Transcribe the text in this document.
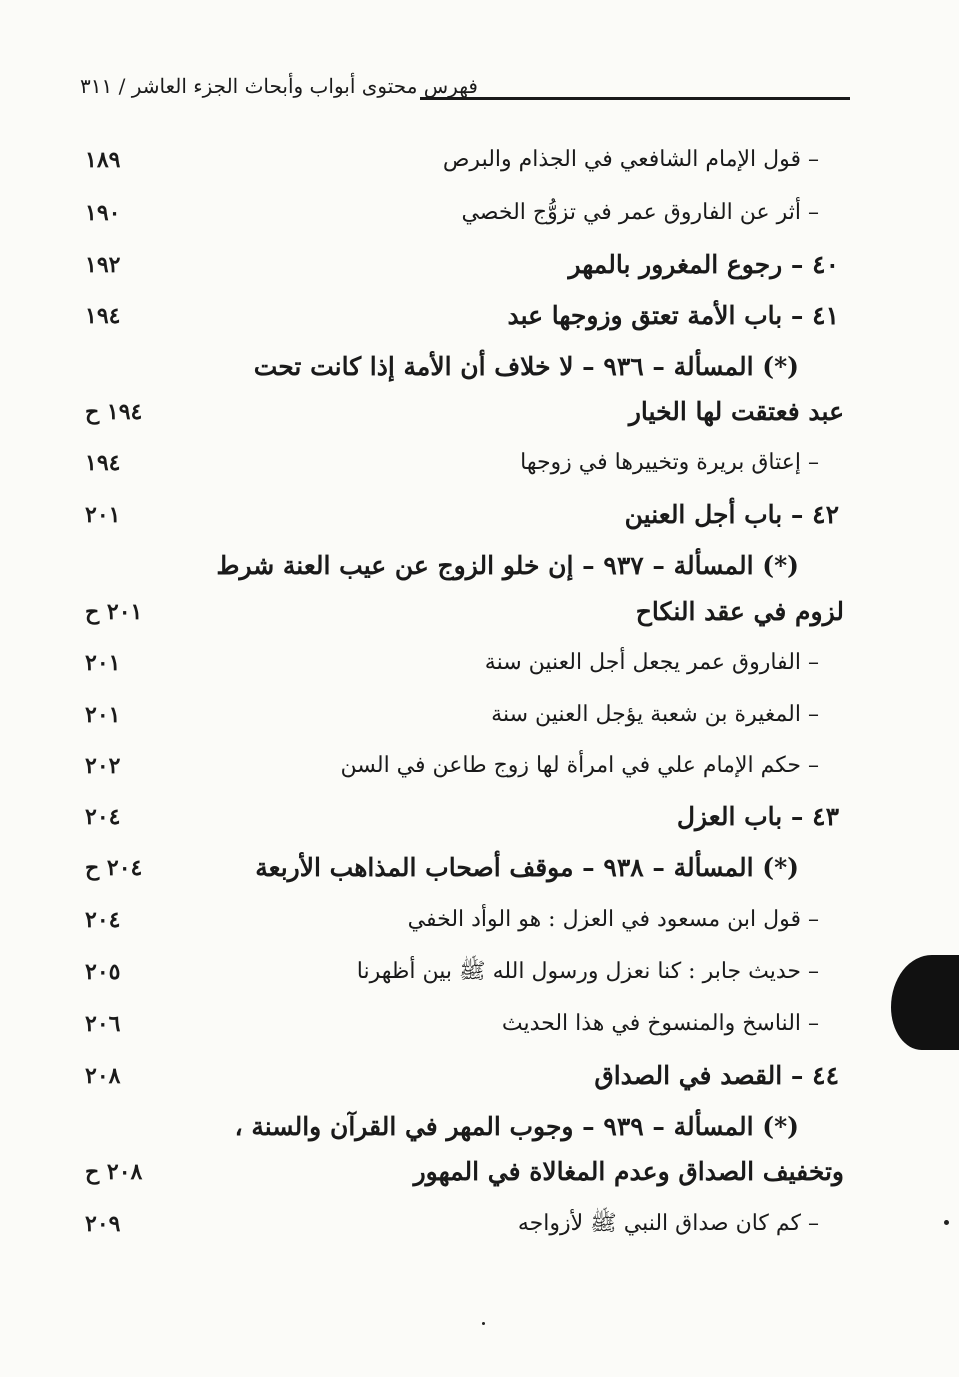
فهرس محتوى أبواب وأبحاث الجزء العاشر / ٣١١
– قول الإمام الشافعي في الجذام والبرص
١٨٩
– أثر عن الفاروق عمر في تزوُّج الخصي
١٩٠
٤٠ – رجوع المغرور بالمهر
١٩٢
٤١ – باب الأمة تعتق وزوجها عبد
١٩٤
(*) المسألة – ٩٣٦ – لا خلاف أن الأمة إذا كانت تحت
عبد فعتقت لها الخيار
١٩٤ ح
– إعتاق بريرة وتخييرها في زوجها
١٩٤
٤٢ – باب أجل العنين
٢٠١
(*) المسألة – ٩٣٧ – إن خلو الزوج عن عيب العنة شرط
لزوم في عقد النكاح
٢٠١ ح
– الفاروق عمر يجعل أجل العنين سنة
٢٠١
– المغيرة بن شعبة يؤجل العنين سنة
٢٠١
– حكم الإمام علي في امرأة لها زوج طاعن في السن
٢٠٢
٤٣ – باب العزل
٢٠٤
(*) المسألة – ٩٣٨ – موقف أصحاب المذاهب الأربعة
٢٠٤ ح
– قول ابن مسعود في العزل : هو الوأد الخفي
٢٠٤
– حديث جابر : كنا نعزل ورسول الله ﷺ بين أظهرنا
٢٠٥
– الناسخ والمنسوخ في هذا الحديث
٢٠٦
٤٤ – القصد في الصداق
٢٠٨
(*) المسألة – ٩٣٩ – وجوب المهر في القرآن والسنة ،
وتخفيف الصداق وعدم المغالاة في المهور
٢٠٨ ح
– كم كان صداق النبي ﷺ لأزواجه
٢٠٩
